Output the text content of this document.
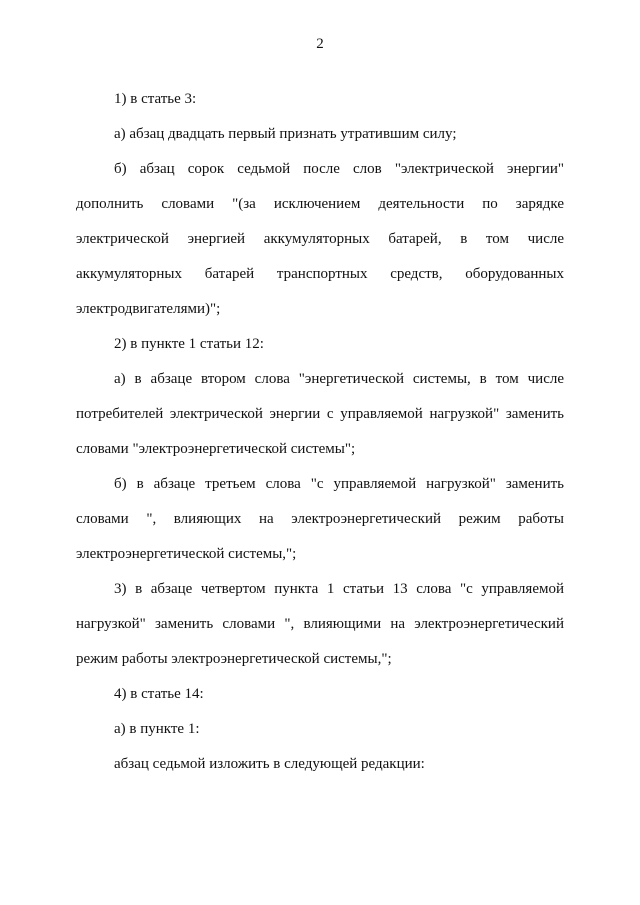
2

1) в статье 3:

а) абзац двадцать первый признать утратившим силу;

б) абзац сорок седьмой после слов "электрической энергии" дополнить словами "(за исключением деятельности по зарядке электрической энергией аккумуляторных батарей, в том числе аккумуляторных батарей транспортных средств, оборудованных электродвигателями)";

2) в пункте 1 статьи 12:

а) в абзаце втором слова "энергетической системы, в том числе потребителей электрической энергии с управляемой нагрузкой" заменить словами "электроэнергетической системы";

б) в абзаце третьем слова "с управляемой нагрузкой" заменить словами ", влияющих на электроэнергетический режим работы электроэнергетической системы,";

3) в абзаце четвертом пункта 1 статьи 13 слова "с управляемой нагрузкой" заменить словами ", влияющими на электроэнергетический режим работы электроэнергетической системы,";

4) в статье 14:

а) в пункте 1:

абзац седьмой изложить в следующей редакции:
